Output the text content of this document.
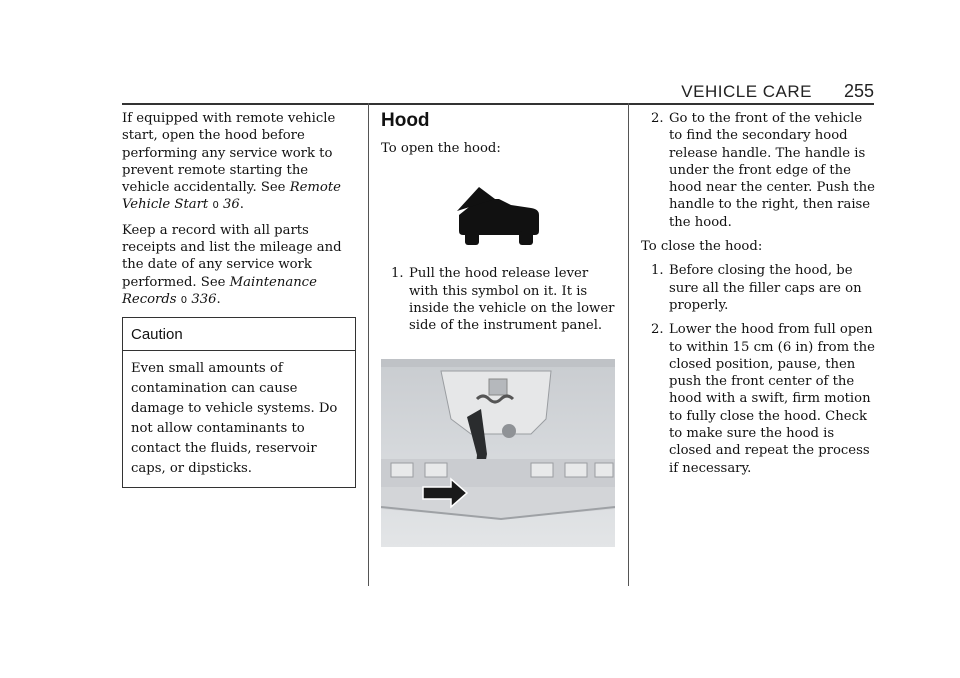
VEHICLE CARE 255

If equipped with remote vehicle start, open the hood before performing any service work to prevent remote starting the vehicle accidentally. See Remote Vehicle Start 0 36.

Keep a record with all parts receipts and list the mileage and the date of any service work performed. See Maintenance Records 0 336.

Caution
Even small amounts of contamination can cause damage to vehicle systems. Do not allow contaminants to contact the fluids, reservoir caps, or dipsticks.
Hood

To open the hood:

1. Pull the hood release lever with this symbol on it. It is inside the vehicle on the lower side of the instrument panel.
2. Go to the front of the vehicle to find the secondary hood release handle. The handle is under the front edge of the hood near the center. Push the handle to the right, then raise the hood.

To close the hood:

1. Before closing the hood, be sure all the filler caps are on properly.
2. Lower the hood from full open to within 15 cm (6 in) from the closed position, pause, then push the front center of the hood with a swift, firm motion to fully close the hood. Check to make sure the hood is closed and repeat the process if necessary.
